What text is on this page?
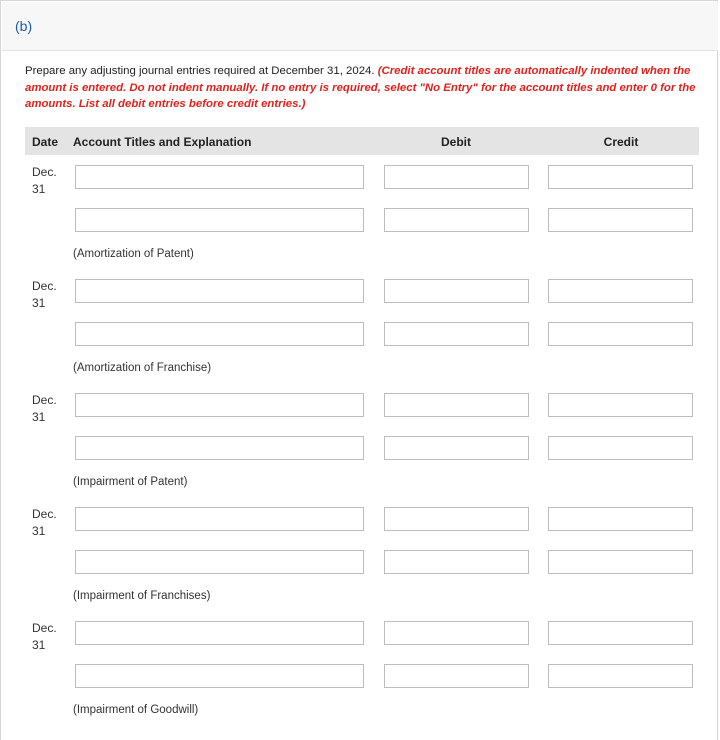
(b)
Prepare any adjusting journal entries required at December 31, 2024. (Credit account titles are automatically indented when the amount is entered. Do not indent manually. If no entry is required, select "No Entry" for the account titles and enter 0 for the amounts. List all debit entries before credit entries.)
Date Account Titles and Explanation	Debit	Credit
Dec.
31
(Amortization of Patent)
Dec.
31
(Amortization of Franchise)
Dec.
31
(Impairment of Patent)
Dec.
31
(Impairment of Franchises)
Dec.
31
(Impairment of Goodwill)
